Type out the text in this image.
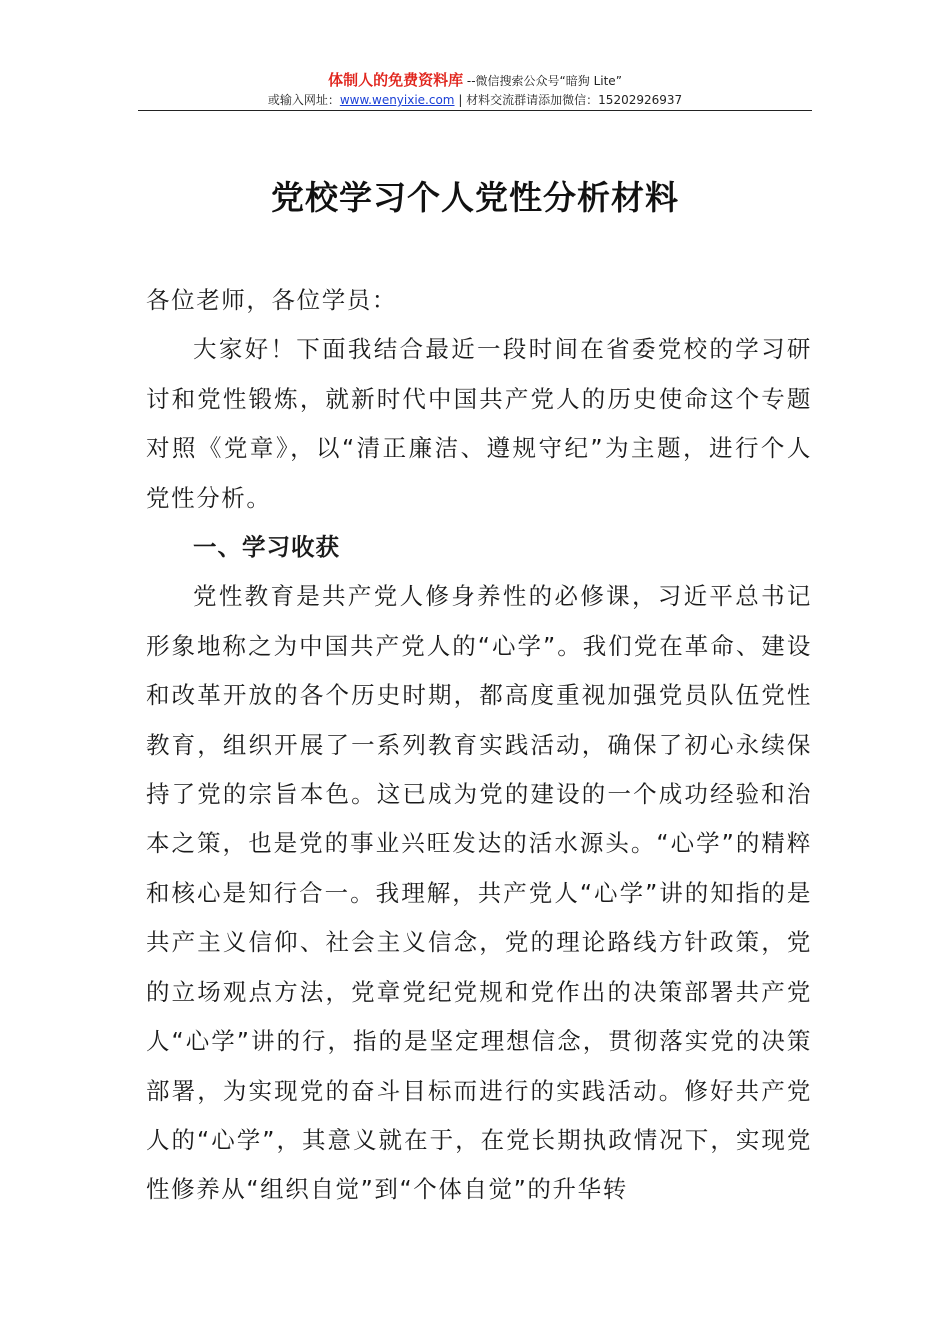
体制人的免费资料库 --微信搜索公众号“暗狗 Lite”
或输入网址：www.wenyixie.com | 材料交流群请添加微信：15202926937
党校学习个人党性分析材料

各位老师，各位学员：

大家好！下面我结合最近一段时间在省委党校的学习研讨和党性锻炼，就新时代中国共产党人的历史使命这个专题对照《党章》，以“清正廉洁、遵规守纪”为主题，进行个人党性分析。

一、学习收获

党性教育是共产党人修身养性的必修课，习近平总书记形象地称之为中国共产党人的“心学”。我们党在革命、建设和改革开放的各个历史时期，都高度重视加强党员队伍党性教育，组织开展了一系列教育实践活动，确保了初心永续保持了党的宗旨本色。这已成为党的建设的一个成功经验和治本之策，也是党的事业兴旺发达的活水源头。“心学”的精粹和核心是知行合一。我理解，共产党人“心学”讲的知指的是共产主义信仰、社会主义信念，党的理论路线方针政策，党的立场观点方法，党章党纪党规和党作出的决策部署共产党人“心学”讲的行，指的是坚定理想信念，贯彻落实党的决策部署，为实现党的奋斗目标而进行的实践活动。修好共产党人的“心学”，其意义就在于，在党长期执政情况下，实现党性修养从“组织自觉”到“个体自觉”的升华转
